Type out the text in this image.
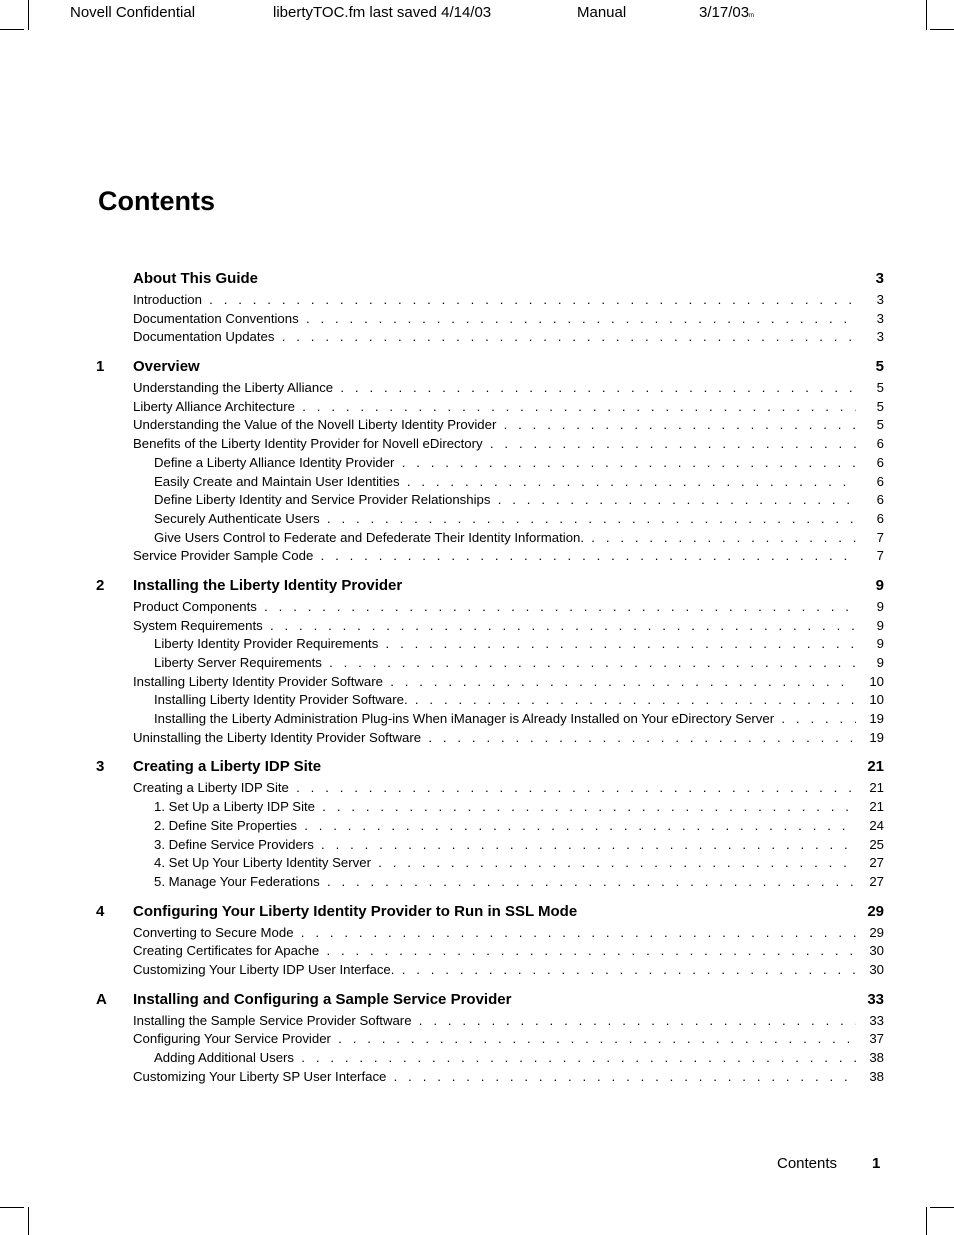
Novell Confidential	libertyTOC.fm last saved 4/14/03	Manual	3/17/03m
Contents
About This Guide	3
Introduction . . .	3
Documentation Conventions . . .	3
Documentation Updates . . .	3
1	Overview	5
Understanding the Liberty Alliance . . .	5
Liberty Alliance Architecture . . .	5
Understanding the Value of the Novell Liberty Identity Provider . . .	5
Benefits of the Liberty Identity Provider for Novell eDirectory . . .	6
Define a Liberty Alliance Identity Provider . . .	6
Easily Create and Maintain User Identities . . .	6
Define Liberty Identity and Service Provider Relationships . . .	6
Securely Authenticate Users . . .	6
Give Users Control to Federate and Defederate Their Identity Information. . . .	7
Service Provider Sample Code . . .	7
2	Installing the Liberty Identity Provider	9
Product Components . . .	9
System Requirements . . .	9
Liberty Identity Provider Requirements . . .	9
Liberty Server Requirements . . .	9
Installing Liberty Identity Provider Software . . .	10
Installing Liberty Identity Provider Software. . . .	10
Installing the Liberty Administration Plug-ins When iManager is Already Installed on Your eDirectory Server . . .	19
Uninstalling the Liberty Identity Provider Software . . .	19
3	Creating a Liberty IDP Site	21
Creating a Liberty IDP Site . . .	21
1. Set Up a Liberty IDP Site . . .	21
2. Define Site Properties . . .	24
3. Define Service Providers . . .	25
4. Set Up Your Liberty Identity Server . . .	27
5. Manage Your Federations . . .	27
4	Configuring Your Liberty Identity Provider to Run in SSL Mode	29
Converting to Secure Mode . . .	29
Creating Certificates for Apache . . .	30
Customizing Your Liberty IDP User Interface. . . .	30
A Installing and Configuring a Sample Service Provider	33
Installing the Sample Service Provider Software . . .	33
Configuring Your Service Provider . . .	37
Adding Additional Users . . .	38
Customizing Your Liberty SP User Interface . . .	38
Contents 1
